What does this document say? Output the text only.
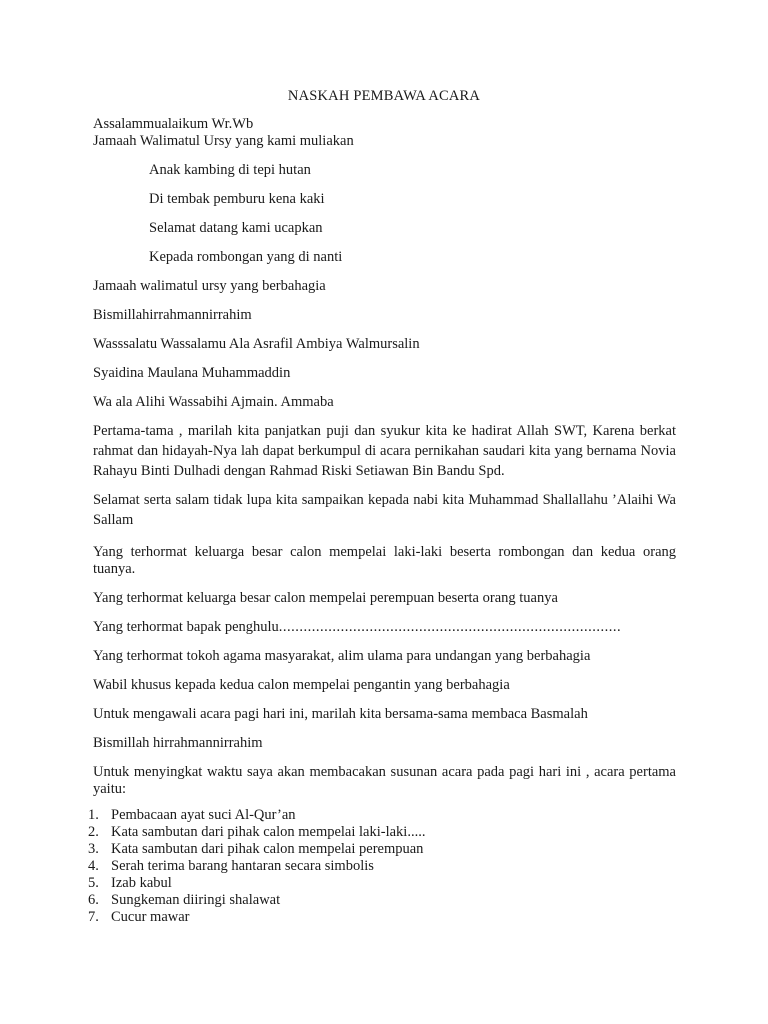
NASKAH PEMBAWA ACARA
Assalammualaikum Wr.Wb
Jamaah Walimatul Ursy yang kami muliakan
Anak kambing di tepi hutan
Di tembak pemburu kena kaki
Selamat datang kami ucapkan
Kepada rombongan yang di nanti
Jamaah walimatul ursy yang berbahagia
Bismillahirrahmannirrahim
Wasssalatu Wassalamu Ala Asrafil Ambiya Walmursalin
Syaidina Maulana Muhammaddin
Wa ala Alihi Wassabihi Ajmain. Ammaba
Pertama-tama , marilah kita panjatkan puji dan syukur kita ke hadirat Allah SWT, Karena berkat rahmat dan hidayah-Nya lah dapat berkumpul di acara pernikahan saudari kita yang bernama Novia Rahayu Binti Dulhadi dengan Rahmad Riski Setiawan Bin Bandu Spd.
Selamat serta salam tidak lupa kita sampaikan kepada nabi kita Muhammad Shallallahu ’Alaihi Wa Sallam
Yang terhormat keluarga besar calon mempelai laki-laki beserta rombongan dan kedua orang tuanya.
Yang terhormat keluarga besar calon mempelai perempuan beserta orang tuanya
Yang terhormat bapak penghulu...................................................................................
Yang terhormat tokoh agama masyarakat, alim ulama para undangan yang berbahagia
Wabil khusus kepada kedua calon mempelai pengantin yang berbahagia
Untuk mengawali acara pagi hari ini, marilah kita bersama-sama membaca Basmalah
Bismillah hirrahmannirrahim
Untuk menyingkat waktu saya akan membacakan susunan acara pada pagi hari ini , acara pertama yaitu:
1. Pembacaan ayat suci Al-Qur’an
2. Kata sambutan dari pihak calon mempelai laki-laki.....
3. Kata sambutan dari pihak calon mempelai perempuan
4. Serah terima barang hantaran secara simbolis
5. Izab kabul
6. Sungkeman diiringi shalawat
7. Cucur mawar
